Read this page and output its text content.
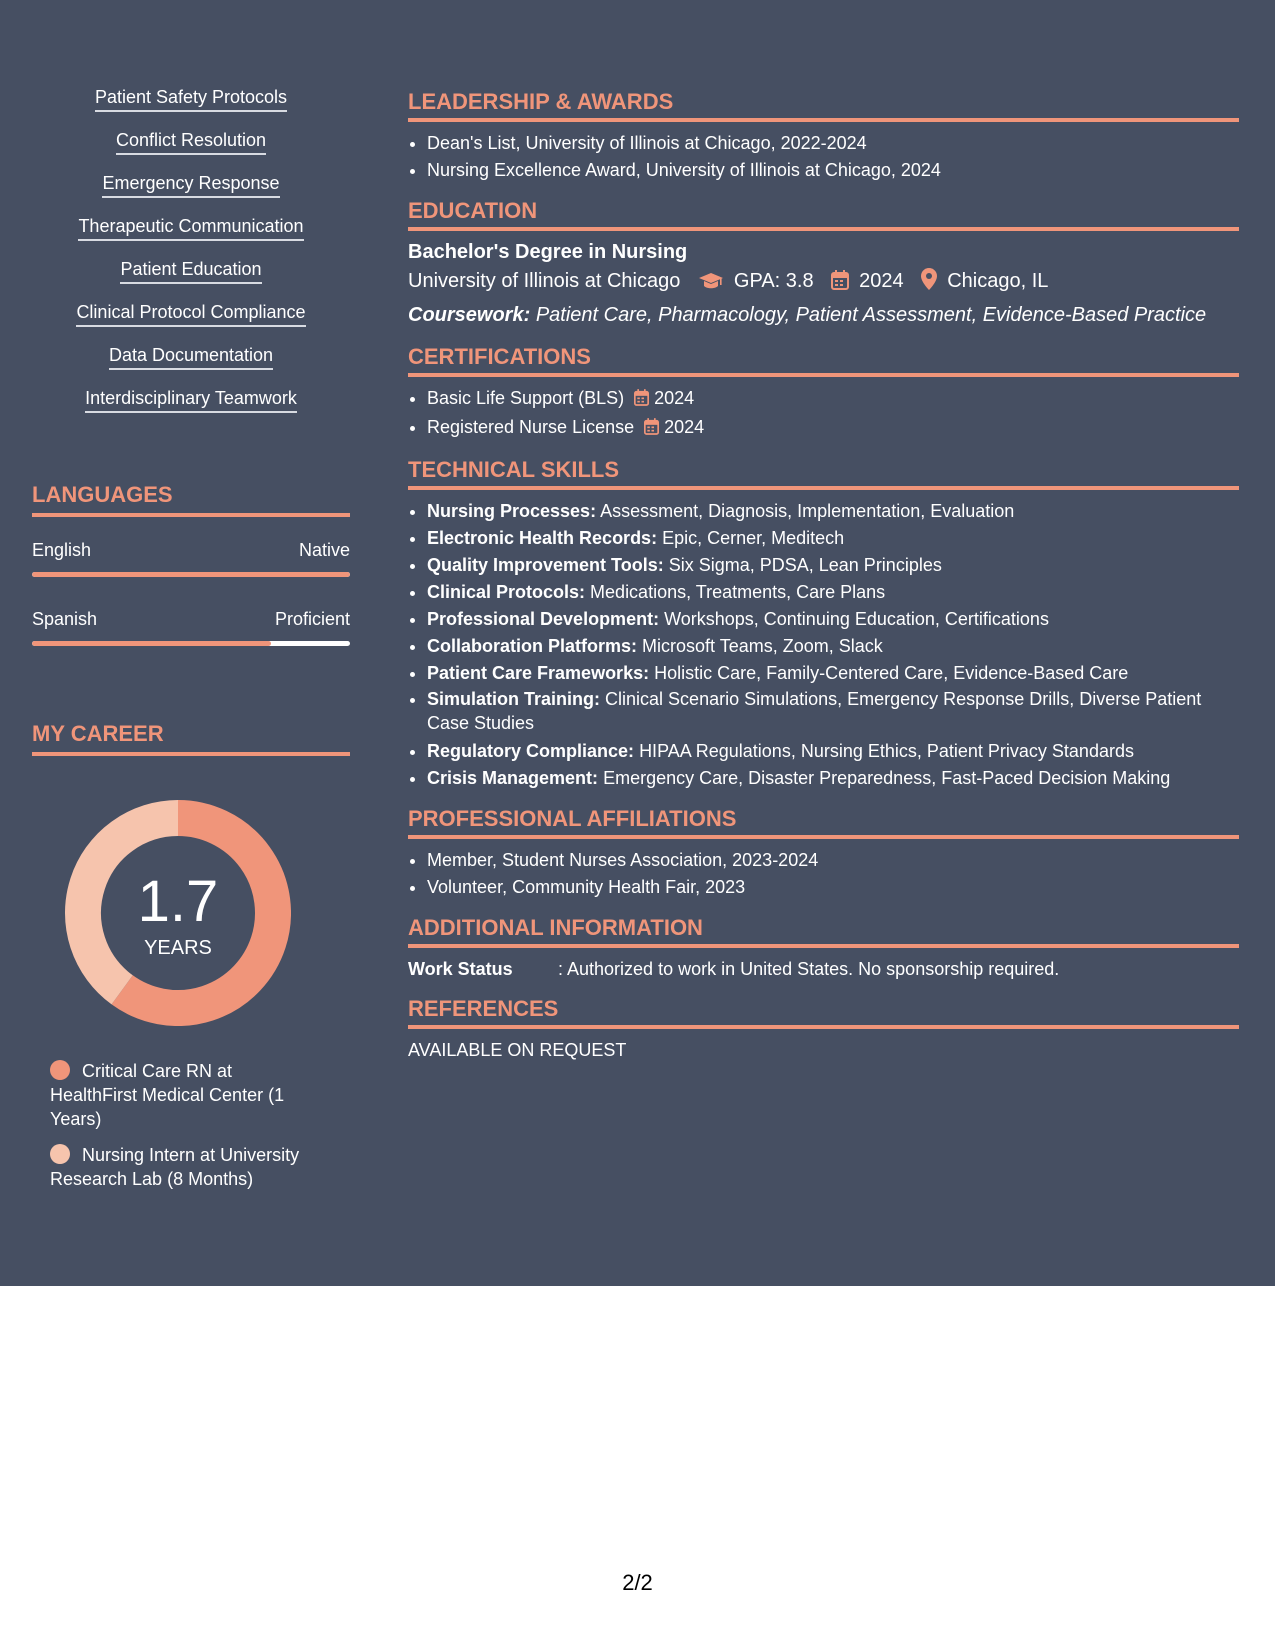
Patient Safety Protocols
Conflict Resolution
Emergency Response
Therapeutic Communication
Patient Education
Clinical Protocol Compliance
Data Documentation
Interdisciplinary Teamwork
LANGUAGES
English	Native
Spanish	Proficient
MY CAREER
1.7
YEARS
Critical Care RN at HealthFirst Medical Center (1 Years)
Nursing Intern at University Research Lab (8 Months)
LEADERSHIP & AWARDS
• Dean's List, University of Illinois at Chicago, 2022-2024
• Nursing Excellence Award, University of Illinois at Chicago, 2024
EDUCATION
Bachelor's Degree in Nursing
University of Illinois at Chicago	GPA: 3.8 2024 Chicago, IL
Coursework: Patient Care, Pharmacology, Patient Assessment, Evidence-Based Practice
CERTIFICATIONS
• Basic Life Support (BLS) 2024
• Registered Nurse License 2024
TECHNICAL SKILLS
• Nursing Processes: Assessment, Diagnosis, Implementation, Evaluation
• Electronic Health Records: Epic, Cerner, Meditech
• Quality Improvement Tools: Six Sigma, PDSA, Lean Principles
• Clinical Protocols: Medications, Treatments, Care Plans
• Professional Development: Workshops, Continuing Education, Certifications
• Collaboration Platforms: Microsoft Teams, Zoom, Slack
• Patient Care Frameworks: Holistic Care, Family-Centered Care, Evidence-Based Care
• Simulation Training: Clinical Scenario Simulations, Emergency Response Drills, Diverse Patient Case Studies
• Regulatory Compliance: HIPAA Regulations, Nursing Ethics, Patient Privacy Standards
• Crisis Management: Emergency Care, Disaster Preparedness, Fast-Paced Decision Making
PROFESSIONAL AFFILIATIONS
• Member, Student Nurses Association, 2023-2024
• Volunteer, Community Health Fair, 2023
ADDITIONAL INFORMATION
Work Status	: Authorized to work in United States. No sponsorship required.
REFERENCES
AVAILABLE ON REQUEST
2/2
